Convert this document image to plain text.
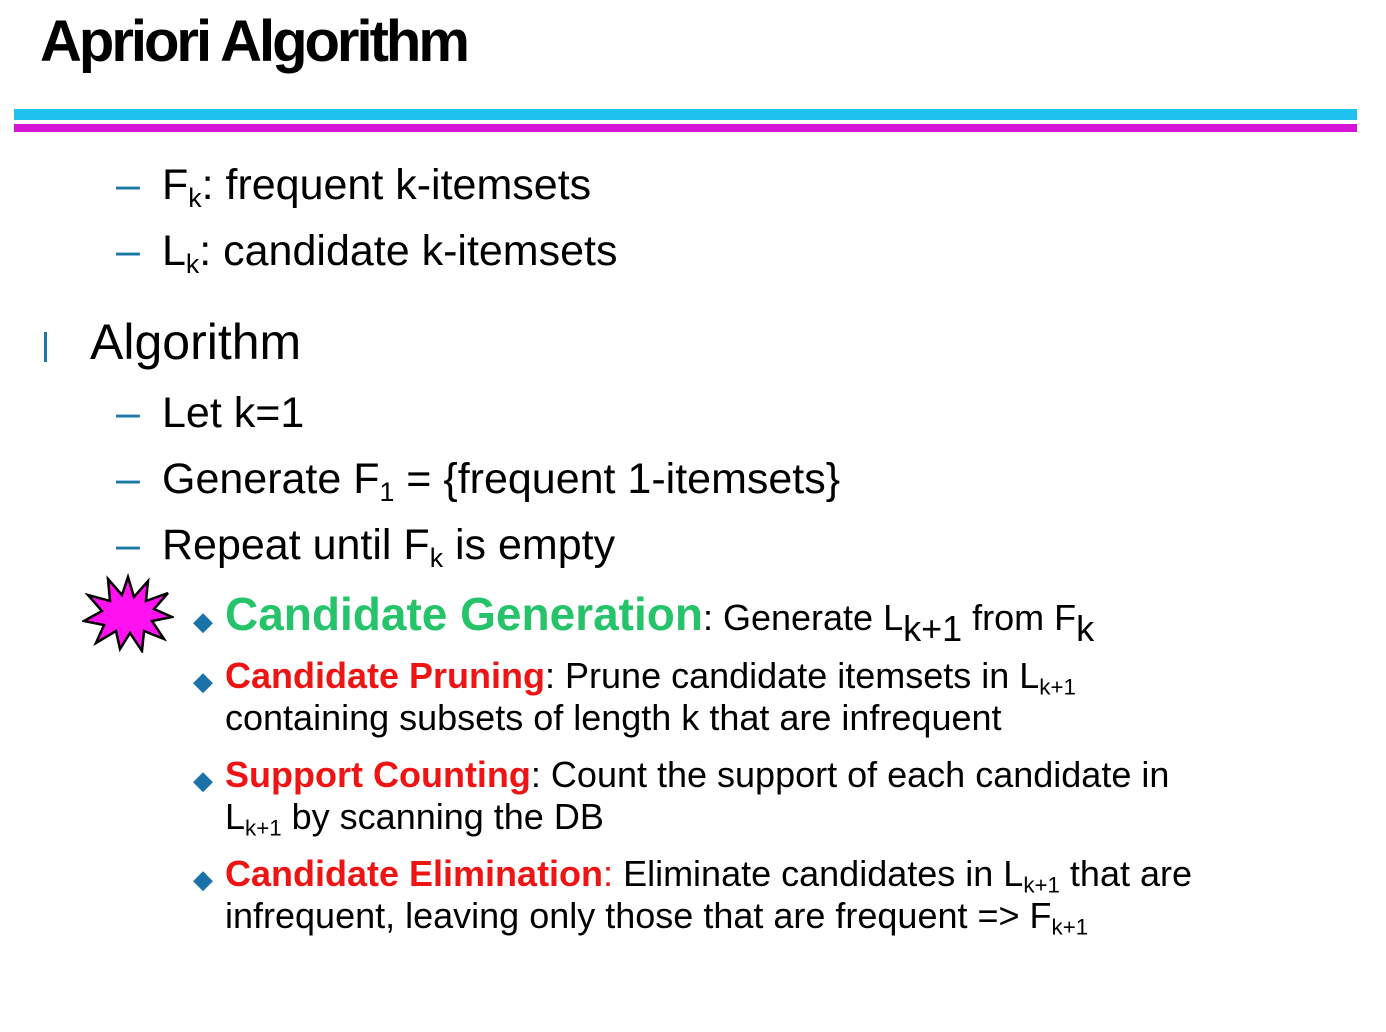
Apriori Algorithm
– $F_k$: frequent k-itemsets
– $L_k$: candidate k-itemsets
Algorithm
– Let k=1
– Generate $F_1$ = {frequent 1-itemsets}
– Repeat until $F_k$ is empty
◆ Candidate Generation: Generate $L_{k+1}$ from $F_k$
◆ Candidate Pruning: Prune candidate itemsets in $L_{k+1}$
containing subsets of length k that are infrequent
◆ Support Counting: Count the support of each candidate in
$L_{k+1}$ by scanning the DB
◆ Candidate Elimination: Eliminate candidates in $L_{k+1}$ that are
infrequent, leaving only those that are frequent => $F_{k+1}$
